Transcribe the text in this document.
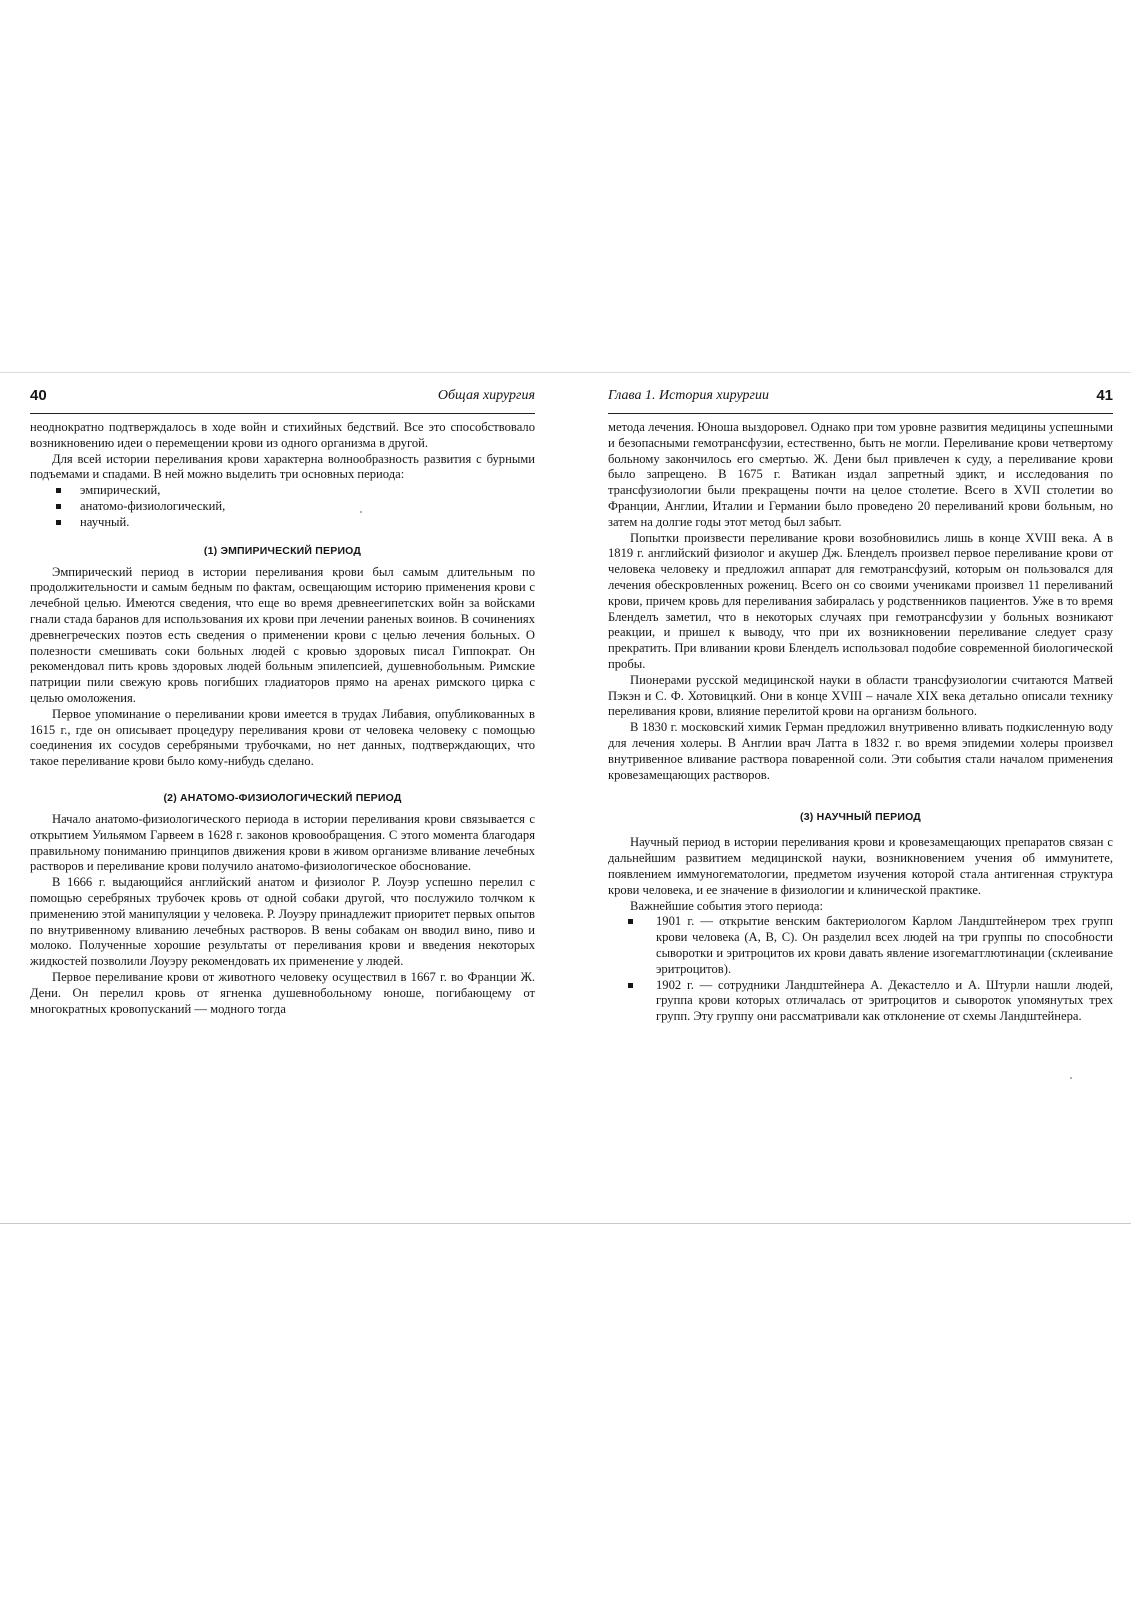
40	Общая хирургия

неоднократно подтверждалось в ходе войн и стихийных бедствий. Все это способствовало возникновению идеи о перемещении крови из одного организма в другой.

Для всей истории переливания крови характерна волнообразность развития с бурными подъемами и спадами. В ней можно выделить три основных периода:

эмпирический,
анатомо-физиологический,
научный.
(1) ЭМПИРИЧЕСКИЙ ПЕРИОД

Эмпирический период в истории переливания крови был самым длительным по продолжительности и самым бедным по фактам, освещающим историю применения крови с лечебной целью. Имеются сведения, что еще во время древнеегипетских войн за войсками гнали стада баранов для использования их крови при лечении раненых воинов. В сочинениях древнегреческих поэтов есть сведения о применении крови с целью лечения больных. О полезности смешивать соки больных людей с кровью здоровых писал Гиппократ. Он рекомендовал пить кровь здоровых людей больным эпилепсией, душевнобольным. Римские патриции пили свежую кровь погибших гладиаторов прямо на аренах римского цирка с целью омоложения.

Первое упоминание о переливании крови имеется в трудах Либавия, опубликованных в 1615 г., где он описывает процедуру переливания крови от человека человеку с помощью соединения их сосудов серебряными трубочками, но нет данных, подтверждающих, что такое переливание крови было кому-нибудь сделано.

(2) АНАТОМО-ФИЗИОЛОГИЧЕСКИЙ ПЕРИОД

Начало анатомо-физиологического периода в истории переливания крови связывается с открытием Уильямом Гарвеем в 1628 г. законов кровообращения. С этого момента благодаря правильному пониманию принципов движения крови в живом организме вливание лечебных растворов и переливание крови получило анатомо-физиологическое обоснование.

В 1666 г. выдающийся английский анатом и физиолог Р. Лоуэр успешно перелил с помощью серебряных трубочек кровь от одной собаки другой, что послужило толчком к применению этой манипуляции у человека. Р. Лоуэру принадлежит приоритет первых опытов по внутривенному вливанию лечебных растворов. В вены собакам он вводил вино, пиво и молоко. Полученные хорошие результаты от переливания крови и введения некоторых жидкостей позволили Лоуэру рекомендовать их применение у людей.

Первое переливание крови от животного человеку осуществил в 1667 г. во Франции Ж. Дени. Он перелил кровь от ягненка душевнобольному юноше, погибающему от многократных кровопусканий — модного тогда

Глава 1. История хирургии	41

метода лечения. Юноша выздоровел. Однако при том уровне развития медицины успешными и безопасными гемотрансфузии, естественно, быть не могли. Переливание крови четвертому больному закончилось его смертью. Ж. Дени был привлечен к суду, а переливание крови было запрещено. В 1675 г. Ватикан издал запретный эдикт, и исследования по трансфузиологии были прекращены почти на целое столетие. Всего в XVII столетии во Франции, Англии, Италии и Германии было проведено 20 переливаний крови больным, но затем на долгие годы этот метод был забыт.

Попытки произвести переливание крови возобновились лишь в конце XVIII века. А в 1819 г. английский физиолог и акушер Дж. Бленделъ произвел первое переливание крови от человека человеку и предложил аппарат для гемотрансфузий, которым он пользовался для лечения обескровленных рожениц. Всего он со своими учениками произвел 11 переливаний крови, причем кровь для переливания забиралась у родственников пациентов. Уже в то время Бленделъ заметил, что в некоторых случаях при гемотрансфузии у больных возникают реакции, и пришел к выводу, что при их возникновении переливание следует сразу прекратить. При вливании крови Бленделъ использовал подобие современной биологической пробы.

Пионерами русской медицинской науки в области трансфузиологии считаются Матвей Пэкэн и С. Ф. Хотовицкий. Они в конце XVIII – начале XIX века детально описали технику переливания крови, влияние перелитой крови на организм больного.

В 1830 г. московский химик Герман предложил внутривенно вливать подкисленную воду для лечения холеры. В Англии врач Латта в 1832 г. во время эпидемии холеры произвел внутривенное вливание раствора поваренной соли. Эти события стали началом применения кровезамещающих растворов.

(3) НАУЧНЫЙ ПЕРИОД

Научный период в истории переливания крови и кровезамещающих препаратов связан с дальнейшим развитием медицинской науки, возникновением учения об иммунитете, появлением иммуногематологии, предметом изучения которой стала антигенная структура крови человека, и ее значение в физиологии и клинической практике.

Важнейшие события этого периода:

1901 г. — открытие венским бактериологом Карлом Ландштейнером трех групп крови человека (А, В, С). Он разделил всех людей на три группы по способности сыворотки и эритроцитов их крови давать явление изогемагглютинации (склеивание эритроцитов).
1902 г. — сотрудники Ландштейнера А. Декастелло и А. Штурли нашли людей, группа крови которых отличалась от эритроцитов и сывороток упомянутых трех групп. Эту группу они рассматривали как отклонение от схемы Ландштейнера.
